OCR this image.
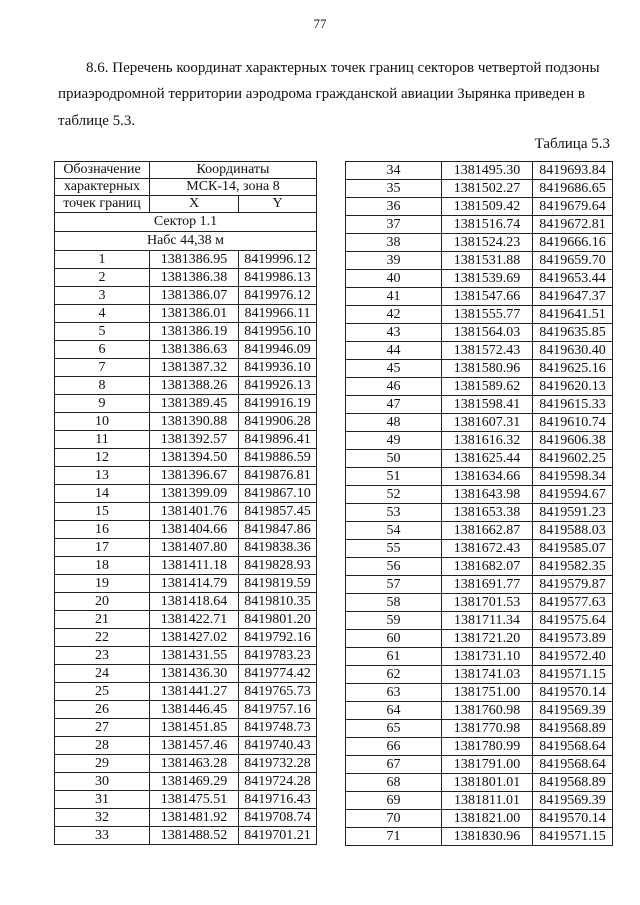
77
8.6. Перечень координат характерных точек границ секторов четвертой подзоны
приаэродромной территории аэродрома гражданской авиации Зырянка приведен в
таблице 5.3.
Таблица 5.3
Обозначение	Координаты	
характерных	МСК-14, зона 8	
точек границ	X	Y
Сектор 1.1		
Набс 44,38 м		
1	1381386.95	8419996.12
2	1381386.38	8419986.13
3	1381386.07	8419976.12
4	1381386.01	8419966.11
5	1381386.19	8419956.10
6	1381386.63	8419946.09
7	1381387.32	8419936.10
8	1381388.26	8419926.13
9	1381389.45	8419916.19
10	1381390.88	8419906.28
11	1381392.57	8419896.41
12	1381394.50	8419886.59
13	1381396.67	8419876.81
14	1381399.09	8419867.10
15	1381401.76	8419857.45
16	1381404.66	8419847.86
17	1381407.80	8419838.36
18	1381411.18	8419828.93
19	1381414.79	8419819.59
20	1381418.64	8419810.35
21	1381422.71	8419801.20
22	1381427.02	8419792.16
23	1381431.55	8419783.23
24	1381436.30	8419774.42
25	1381441.27	8419765.73
26	1381446.45	8419757.16
27	1381451.85	8419748.73
28	1381457.46	8419740.43
29	1381463.28	8419732.28
30	1381469.29	8419724.28
31	1381475.51	8419716.43
32	1381481.92	8419708.74
33	1381488.52	8419701.21
34	1381495.30	8419693.84
35	1381502.27	8419686.65
36	1381509.42	8419679.64
37	1381516.74	8419672.81
38	1381524.23	8419666.16
39	1381531.88	8419659.70
40	1381539.69	8419653.44
41	1381547.66	8419647.37
42	1381555.77	8419641.51
43	1381564.03	8419635.85
44	1381572.43	8419630.40
45	1381580.96	8419625.16
46	1381589.62	8419620.13
47	1381598.41	8419615.33
48	1381607.31	8419610.74
49	1381616.32	8419606.38
50	1381625.44	8419602.25
51	1381634.66	8419598.34
52	1381643.98	8419594.67
53	1381653.38	8419591.23
54	1381662.87	8419588.03
55	1381672.43	8419585.07
56	1381682.07	8419582.35
57	1381691.77	8419579.87
58	1381701.53	8419577.63
59	1381711.34	8419575.64
60	1381721.20	8419573.89
61	1381731.10	8419572.40
62	1381741.03	8419571.15
63	1381751.00	8419570.14
64	1381760.98	8419569.39
65	1381770.98	8419568.89
66	1381780.99	8419568.64
67	1381791.00	8419568.64
68	1381801.01	8419568.89
69	1381811.01	8419569.39
70	1381821.00	8419570.14
71	1381830.96	8419571.15
